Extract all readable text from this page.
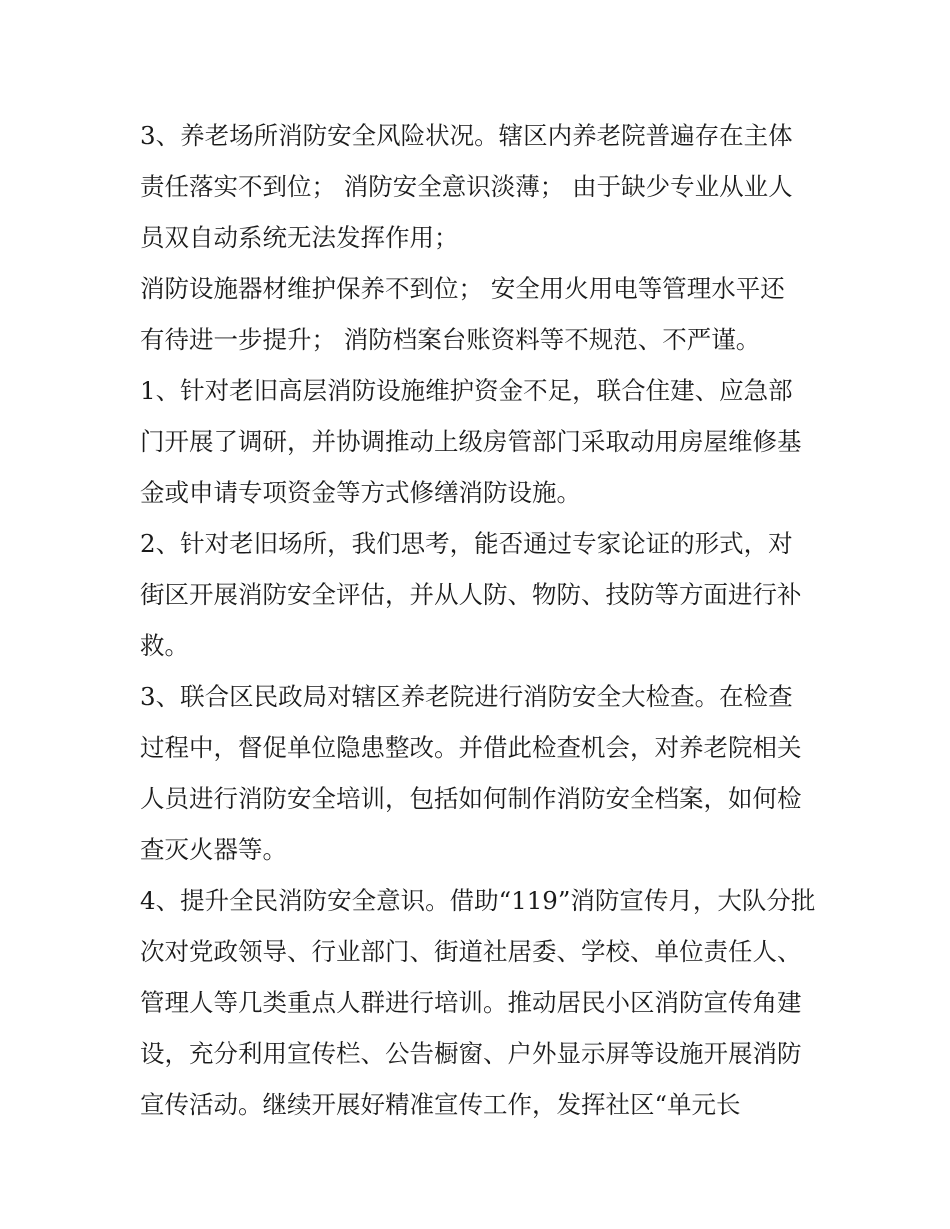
3、养老场所消防安全风险状况。辖区内养老院普遍存在主体
责任落实不到位； 消防安全意识淡薄； 由于缺少专业从业人
员双自动系统无法发挥作用；
消防设施器材维护保养不到位； 安全用火用电等管理水平还
有待进一步提升； 消防档案台账资料等不规范、不严谨。
1、针对老旧高层消防设施维护资金不足，联合住建、应急部
门开展了调研，并协调推动上级房管部门采取动用房屋维修基
金或申请专项资金等方式修缮消防设施。
2、针对老旧场所，我们思考，能否通过专家论证的形式，对
街区开展消防安全评估，并从人防、物防、技防等方面进行补
救。
3、联合区民政局对辖区养老院进行消防安全大检查。在检查
过程中，督促单位隐患整改。并借此检查机会，对养老院相关
人员进行消防安全培训，包括如何制作消防安全档案，如何检
查灭火器等。
4、提升全民消防安全意识。借助“119”消防宣传月，大队分批
次对党政领导、行业部门、街道社居委、学校、单位责任人、
管理人等几类重点人群进行培训。推动居民小区消防宣传角建
设，充分利用宣传栏、公告橱窗、户外显示屏等设施开展消防
宣传活动。继续开展好精准宣传工作，发挥社区“单元长
